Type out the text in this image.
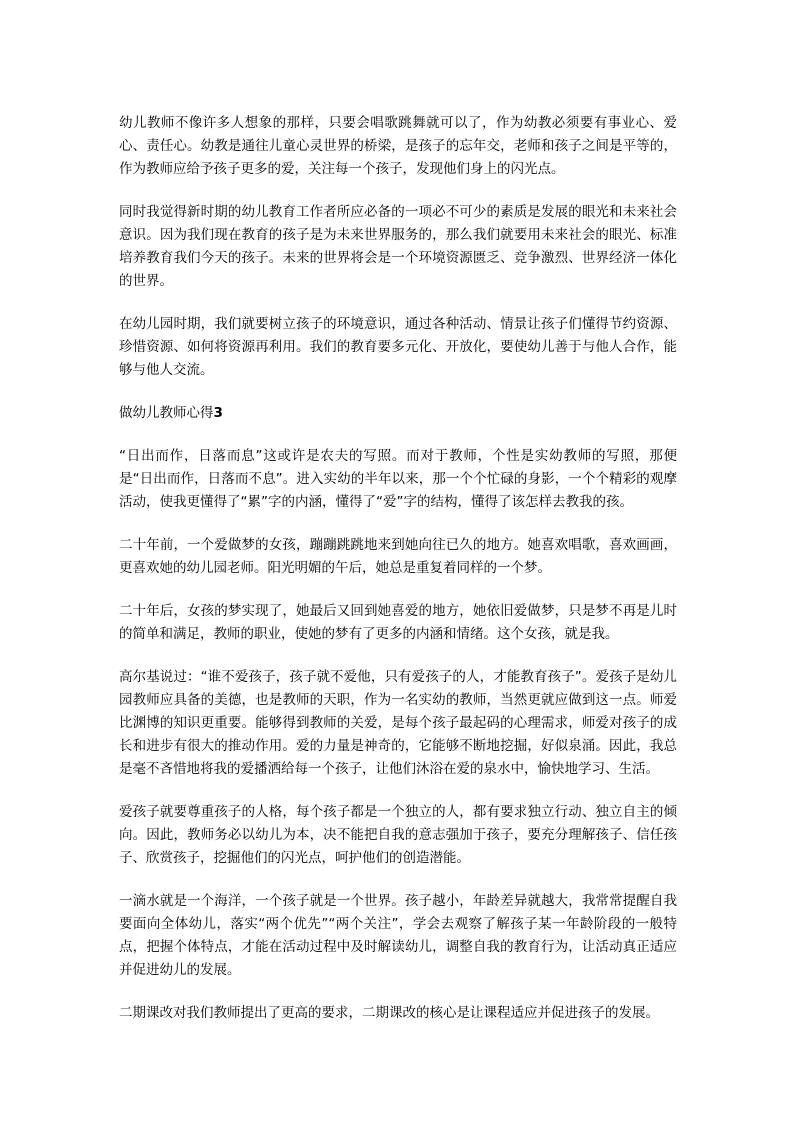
幼儿教师不像许多人想象的那样，只要会唱歌跳舞就可以了，作为幼教必须要有事业心、爱心、责任心。幼教是通往儿童心灵世界的桥梁，是孩子的忘年交，老师和孩子之间是平等的，作为教师应给予孩子更多的爱，关注每一个孩子，发现他们身上的闪光点。

同时我觉得新时期的幼儿教育工作者所应必备的一项必不可少的素质是发展的眼光和未来社会意识。因为我们现在教育的孩子是为未来世界服务的，那么我们就要用未来社会的眼光、标准培养教育我们今天的孩子。未来的世界将会是一个环境资源匮乏、竞争激烈、世界经济一体化的世界。

在幼儿园时期，我们就要树立孩子的环境意识，通过各种活动、情景让孩子们懂得节约资源、珍惜资源、如何将资源再利用。我们的教育要多元化、开放化，要使幼儿善于与他人合作，能够与他人交流。

做幼儿教师心得3

“日出而作，日落而息”这或许是农夫的写照。而对于教师，个性是实幼教师的写照，那便是“日出而作，日落而不息”。进入实幼的半年以来，那一个个忙碌的身影，一个个精彩的观摩活动，使我更懂得了“累”字的内涵，懂得了“爱”字的结构，懂得了该怎样去教我的孩。

二十年前，一个爱做梦的女孩，蹦蹦跳跳地来到她向往已久的地方。她喜欢唱歌，喜欢画画，更喜欢她的幼儿园老师。阳光明媚的午后，她总是重复着同样的一个梦。

二十年后，女孩的梦实现了，她最后又回到她喜爱的地方，她依旧爱做梦，只是梦不再是儿时的简单和满足，教师的职业，使她的梦有了更多的内涵和情绪。这个女孩，就是我。

高尔基说过：“谁不爱孩子，孩子就不爱他，只有爱孩子的人，才能教育孩子”。爱孩子是幼儿园教师应具备的美德，也是教师的天职，作为一名实幼的教师，当然更就应做到这一点。师爱比渊博的知识更重要。能够得到教师的关爱，是每个孩子最起码的心理需求，师爱对孩子的成长和进步有很大的推动作用。爱的力量是神奇的，它能够不断地挖掘，好似泉涌。因此，我总是毫不吝惜地将我的爱播洒给每一个孩子，让他们沐浴在爱的泉水中，愉快地学习、生活。

爱孩子就要尊重孩子的人格，每个孩子都是一个独立的人，都有要求独立行动、独立自主的倾向。因此，教师务必以幼儿为本，决不能把自我的意志强加于孩子，要充分理解孩子、信任孩子、欣赏孩子，挖掘他们的闪光点，呵护他们的创造潜能。

一滴水就是一个海洋，一个孩子就是一个世界。孩子越小，年龄差异就越大，我常常提醒自我要面向全体幼儿，落实“两个优先”“两个关注”，学会去观察了解孩子某一年龄阶段的一般特点，把握个体特点，才能在活动过程中及时解读幼儿，调整自我的教育行为，让活动真正适应并促进幼儿的发展。

二期课改对我们教师提出了更高的要求，二期课改的核心是让课程适应并促进孩子的发展。
